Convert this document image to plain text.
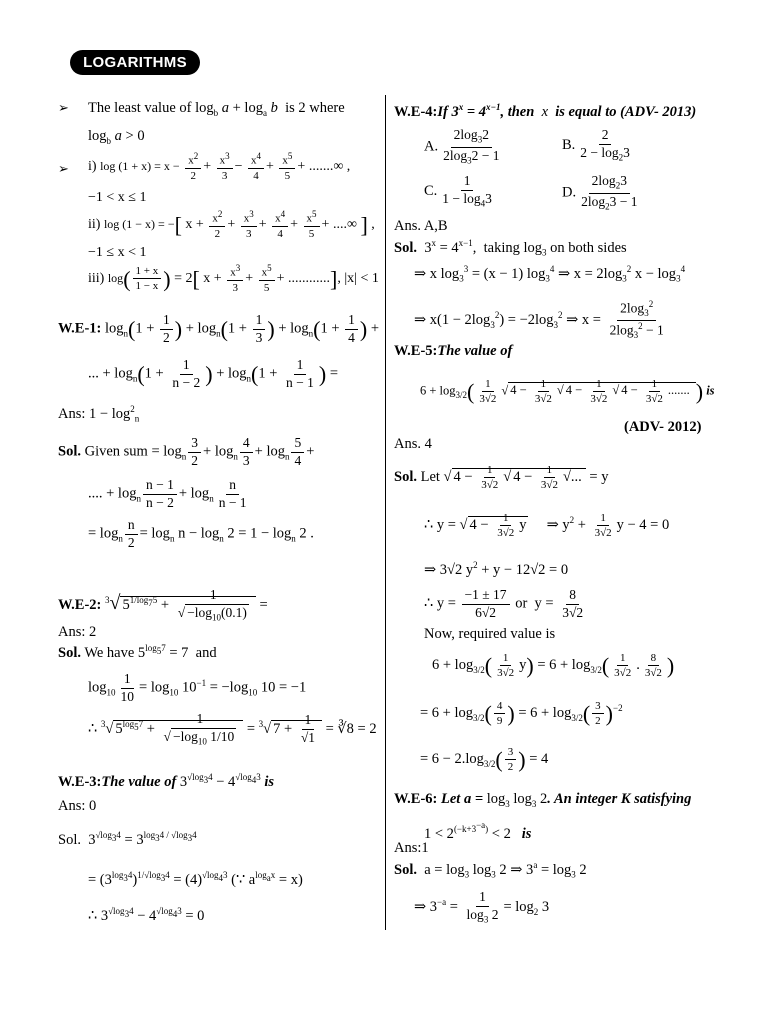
LOGARITHMS
➢ The least value of $\log_b a + \log_a b$  is 2 where
$\log_b a > 0$
➢ i) $\log (1 + x) = x - \frac{x^2}{2} + \frac{x^3}{3} - \frac{x^4}{4} + \frac{x^5}{5}$ + .......∞ ,
−1 < x ≤ 1
ii) log (1 − x) = −[ $x + \frac{x^2}{2} + \frac{x^3}{3} + \frac{x^4}{4} + \frac{x^5}{5}$ + ....∞ ] ,
−1 ≤ x < 1
iii) $\log( \frac{1 + x}{1 - x}$ ) = 2[ $x + \frac{x^3}{3} + \frac{x^5}{5}$ + ............], |x| < 1
W.E-1: $\log_n(1 + \frac{1}{2}$ ) + $\log_n(1 + \frac{1}{3}$ ) + $\log_n(1 + \frac{1}{4}$ ) +
... + $\log_n(1 + \frac{1}{n - 2}$ ) + $\log_n(1 + \frac{1}{n - 1}$ ) =
Ans: $1 - \log^2_n$
Sol. Given sum = $\log_n \frac{3}{2} + \log_n \frac{4}{3} + \log_n \frac{5}{4}$ +
.... + $\log_n \frac{n - 1}{n - 2} + \log_n \frac{n}{n - 1}$
= $\log_n \frac{n}{2} = \log_n n - \log_n 2 = 1 - \log_n 2$ .
W.E-2: $^3$√ $5^{1/log75} + \frac{1}{√ -\log_{10}(0.1)}$ =
Ans: 2
Sol. We have $5^{log57} = 7$  and
$\log_{10} \frac{1}{10} = \log_{10} 10^{-1} = -\log_{10}$ 10 = −1
∴ $^3$√ $5^{log57} + \frac{1}{√ -\log_{10} 1/10} = ^3√$ $7 + \frac{1}{√1}$ = ∛8 = 2
W.E-3:The value of $3^{√log34} - 4^{√log43}$ is
Ans: 0
Sol.  $3^{√log34} = 3^{log34 / √log34}$
= $(3^{log34})^{1/√log34} = (4)^{√log43}$ (∵ $a^{logax} = x$)
∴ $3^{√log34} - 4^{√log43} = 0$
W.E-4:If $3^x = 4^{x-1}$, then  x  is equal to (ADV- 2013)
A. $\frac{2\log_32}{2\log_32 - 1}$	B. $\frac{2}{2 - \log_23}$
C. $\frac{1}{1 - \log_43}$	D. $\frac{2\log_23}{2\log_23 - 1}$
Ans. A,B
Sol.  $3^x = 4^{x-1}$,  taking $\log_3$ on both sides
⇒ x $\log_3^3 = (x - 1)$ $\log_3^4$ ⇒ $x = 2\log_3^2$ $x - \log_3^4$
⇒ $x(1 - 2\log_3^2) = -2\log_3^2$ ⇒ $x = \frac{2\log_3^2}{2\log_3^2 - 1}$
W.E-5:The value of
$6 + \log_{3/2}( \frac{1}{3√2}$ √ $4 - \frac{1}{3√2}$ √ $4 - \frac{1}{3√2}$ √ $4 - \frac{1}{3√2}$ ....... ) is
(ADV- 2012)
Ans. 4
Sol. Let √ $4 - \frac{1}{3√2}$ √ $4 - \frac{1}{3√2}$ √... = y
∴ y = √ $4 - \frac{1}{3√2}$ y     ⇒ $y^2 + \frac{1}{3√2}$ y − 4 = 0
⇒ 3√2 $y^2 + y - 12√2 = 0$
∴ $y = \frac{-1 \pm 17}{6√2}$ or  $y = \frac{8}{3√2}$
Now, required value is
$6 + \log_{3/2}( \frac{1}{3√2} y) = 6 + \log_{3/2}( \frac{1}{3√2}$ . $\frac{8}{3√2}$ )
= $6 + \log_{3/2}( \frac{4}{9}$ ) = $6 + \log_{3/2}( \frac{3}{2} )^{-2}$
= $6 - 2.\log_{3/2}( \frac{3}{2}$ ) = 4
W.E-6: Let $a = \log_3 \log_3 2$. An integer K satisfying
$1 < 2^{(-k+3-a)} < 2$   is
Ans:1
Sol.  $a = \log_3 \log_3 2$ ⇒ $3^a = \log_3 2$
⇒ $3^{-a} = \frac{1}{\log_3 2} = \log_2 3$
